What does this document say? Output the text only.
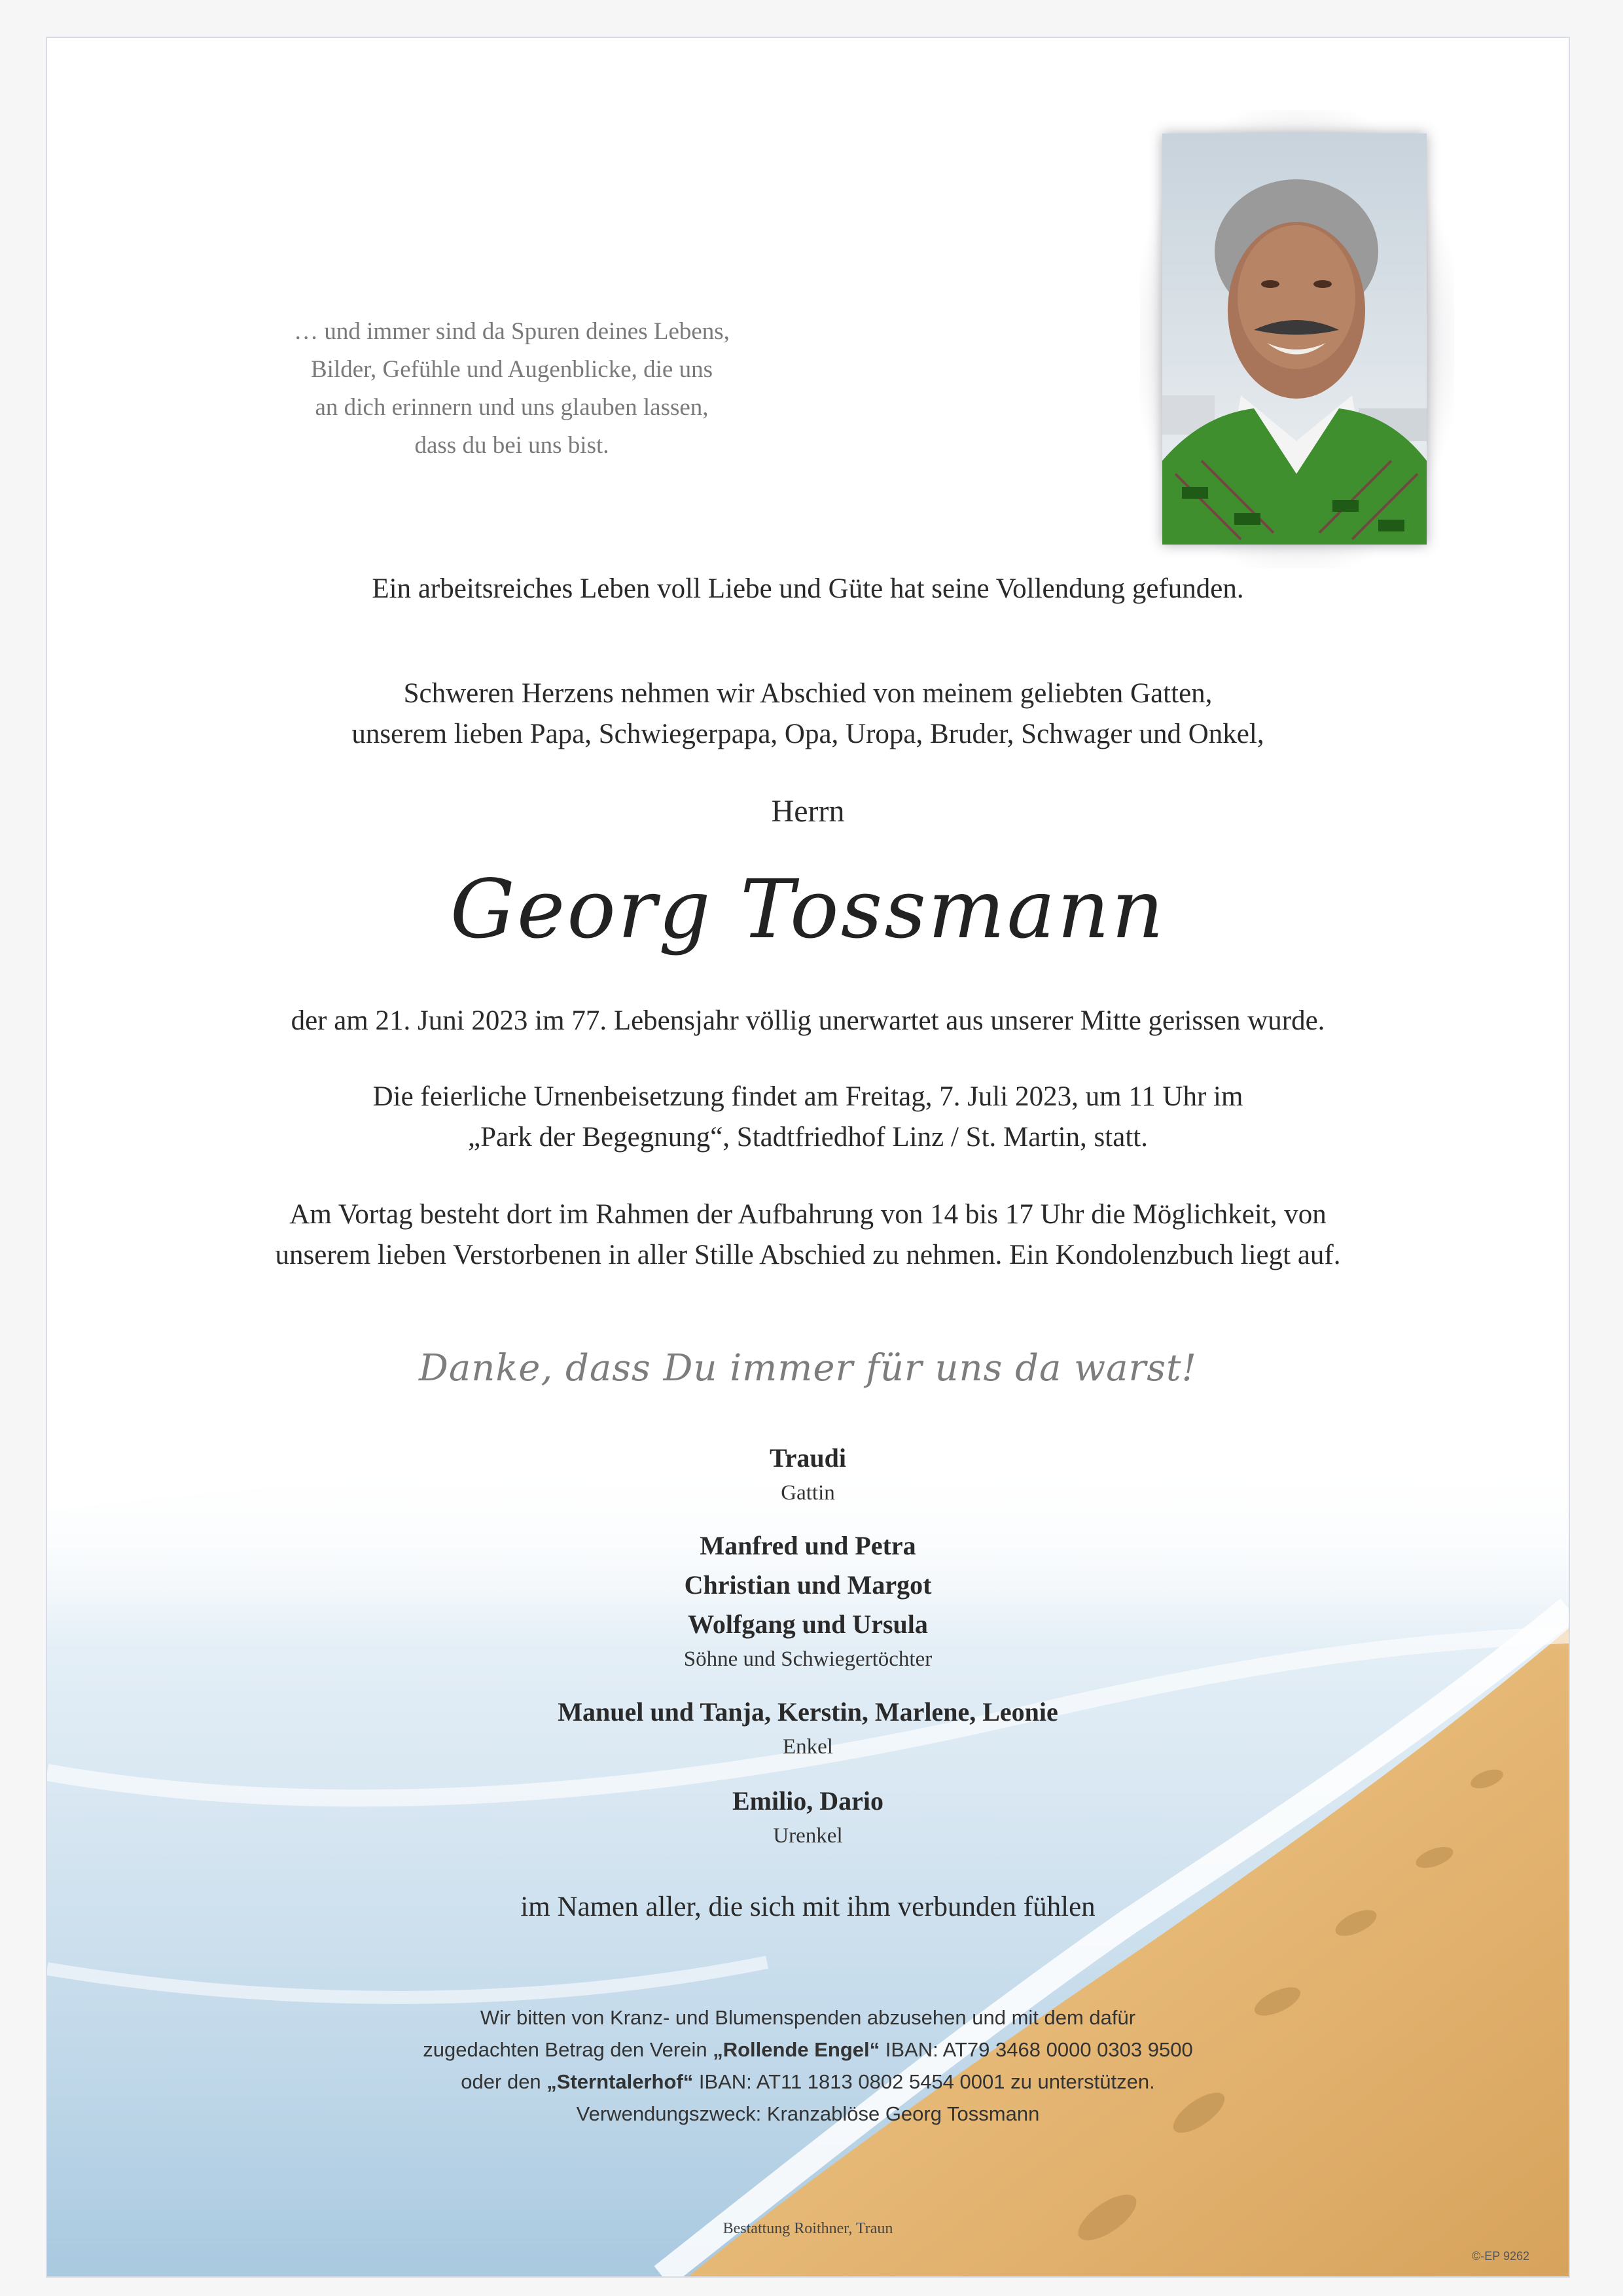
… und immer sind da Spuren deines Lebens,
Bilder, Gefühle und Augenblicke, die uns
an dich erinnern und uns glauben lassen,
dass du bei uns bist.
Ein arbeitsreiches Leben voll Liebe und Güte hat seine Vollendung gefunden.
Schweren Herzens nehmen wir Abschied von meinem geliebten Gatten,
unserem lieben Papa, Schwiegerpapa, Opa, Uropa, Bruder, Schwager und Onkel,
Herrn
Georg Tossmann
der am 21. Juni 2023 im 77. Lebensjahr völlig unerwartet aus unserer Mitte gerissen wurde.
Die feierliche Urnenbeisetzung findet am Freitag, 7. Juli 2023, um 11 Uhr im
„Park der Begegnung“, Stadtfriedhof Linz / St. Martin, statt.
Am Vortag besteht dort im Rahmen der Aufbahrung von 14 bis 17 Uhr die Möglichkeit, von
unserem lieben Verstorbenen in aller Stille Abschied zu nehmen. Ein Kondolenzbuch liegt auf.
Danke, dass Du immer für uns da warst!
Traudi
Gattin
Manfred und Petra
Christian und Margot
Wolfgang und Ursula
Söhne und Schwiegertöchter
Manuel und Tanja, Kerstin, Marlene, Leonie
Enkel
Emilio, Dario
Urenkel
im Namen aller, die sich mit ihm verbunden fühlen
Wir bitten von Kranz- und Blumenspenden abzusehen und mit dem dafür
zugedachten Betrag den Verein „Rollende Engel“ IBAN: AT79 3468 0000 0303 9500
oder den „Sterntalerhof“ IBAN: AT11 1813 0802 5454 0001 zu unterstützen.
Verwendungszweck: Kranzablöse Georg Tossmann
Bestattung Roithner, Traun
©-EP 9262
